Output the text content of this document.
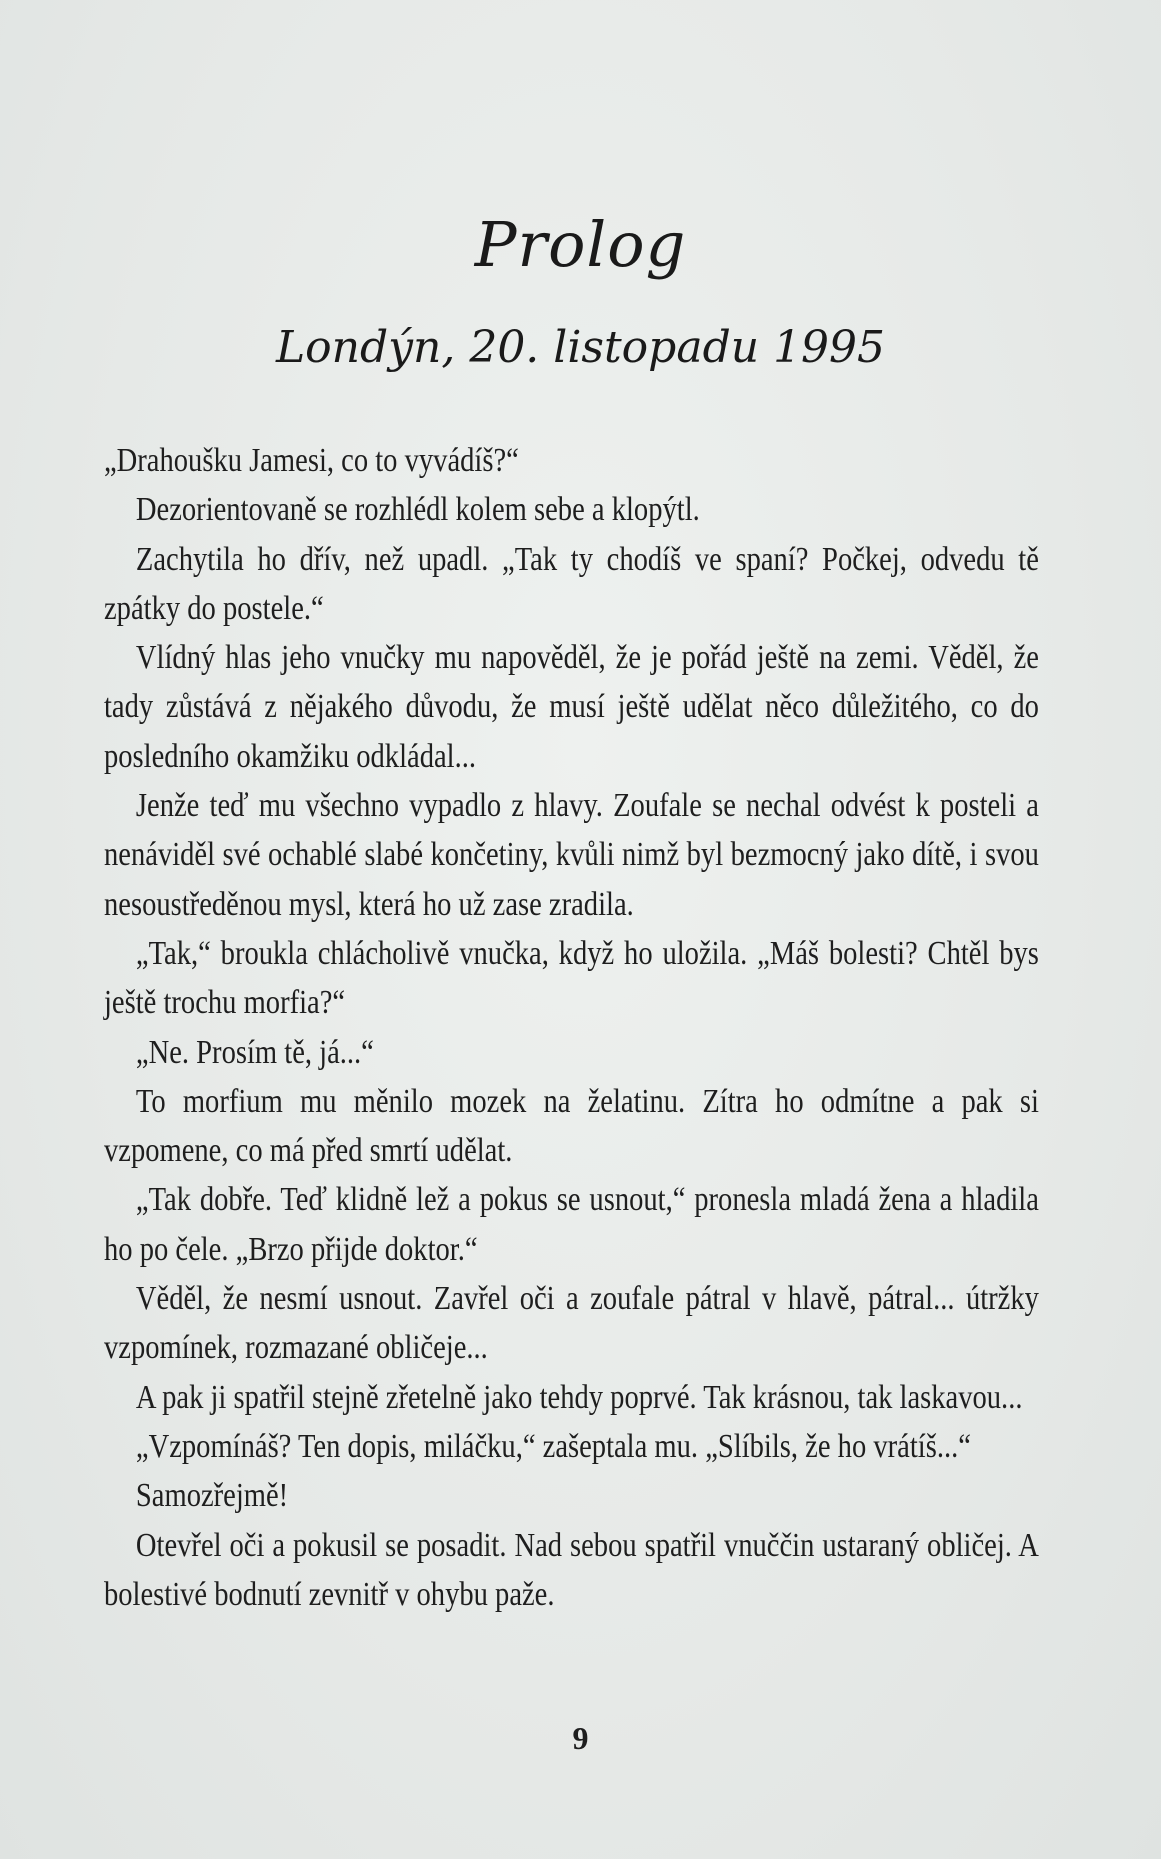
Prolog
Londýn, 20. listopadu 1995

„Drahoušku Jamesi, co to vyvádíš?“

Dezorientovaně se rozhlédl kolem sebe a klopýtl.

Zachytila ho dřív, než upadl. „Tak ty chodíš ve spaní? Počkej, odvedu tě zpátky do postele.“

Vlídný hlas jeho vnučky mu napověděl, že je pořád ještě na zemi. Věděl, že tady zůstává z nějakého důvodu, že musí ještě udělat něco důležitého, co do posledního okamžiku odkládal...

Jenže teď mu všechno vypadlo z hlavy. Zoufale se nechal odvést k posteli a nenáviděl své ochablé slabé končetiny, kvůli nimž byl bezmocný jako dítě, i svou nesoustředěnou mysl, která ho už zase zradila.

„Tak,“ broukla chlácholivě vnučka, když ho uložila. „Máš bolesti? Chtěl bys ještě trochu morfia?“

„Ne. Prosím tě, já...“

To morfium mu měnilo mozek na želatinu. Zítra ho odmítne a pak si vzpomene, co má před smrtí udělat.

„Tak dobře. Teď klidně lež a pokus se usnout,“ pronesla mladá žena a hladila ho po čele. „Brzo přijde doktor.“

Věděl, že nesmí usnout. Zavřel oči a zoufale pátral v hlavě, pátral... útržky vzpomínek, rozmazané obličeje...

A pak ji spatřil stejně zřetelně jako tehdy poprvé. Tak krásnou, tak laskavou...

„Vzpomínáš? Ten dopis, miláčku,“ zašeptala mu. „Slíbils, že ho vrátíš...“

Samozřejmě!

Otevřel oči a pokusil se posadit. Nad sebou spatřil vnuččin ustaraný obličej. A bolestivé bodnutí zevnitř v ohybu paže.

9
